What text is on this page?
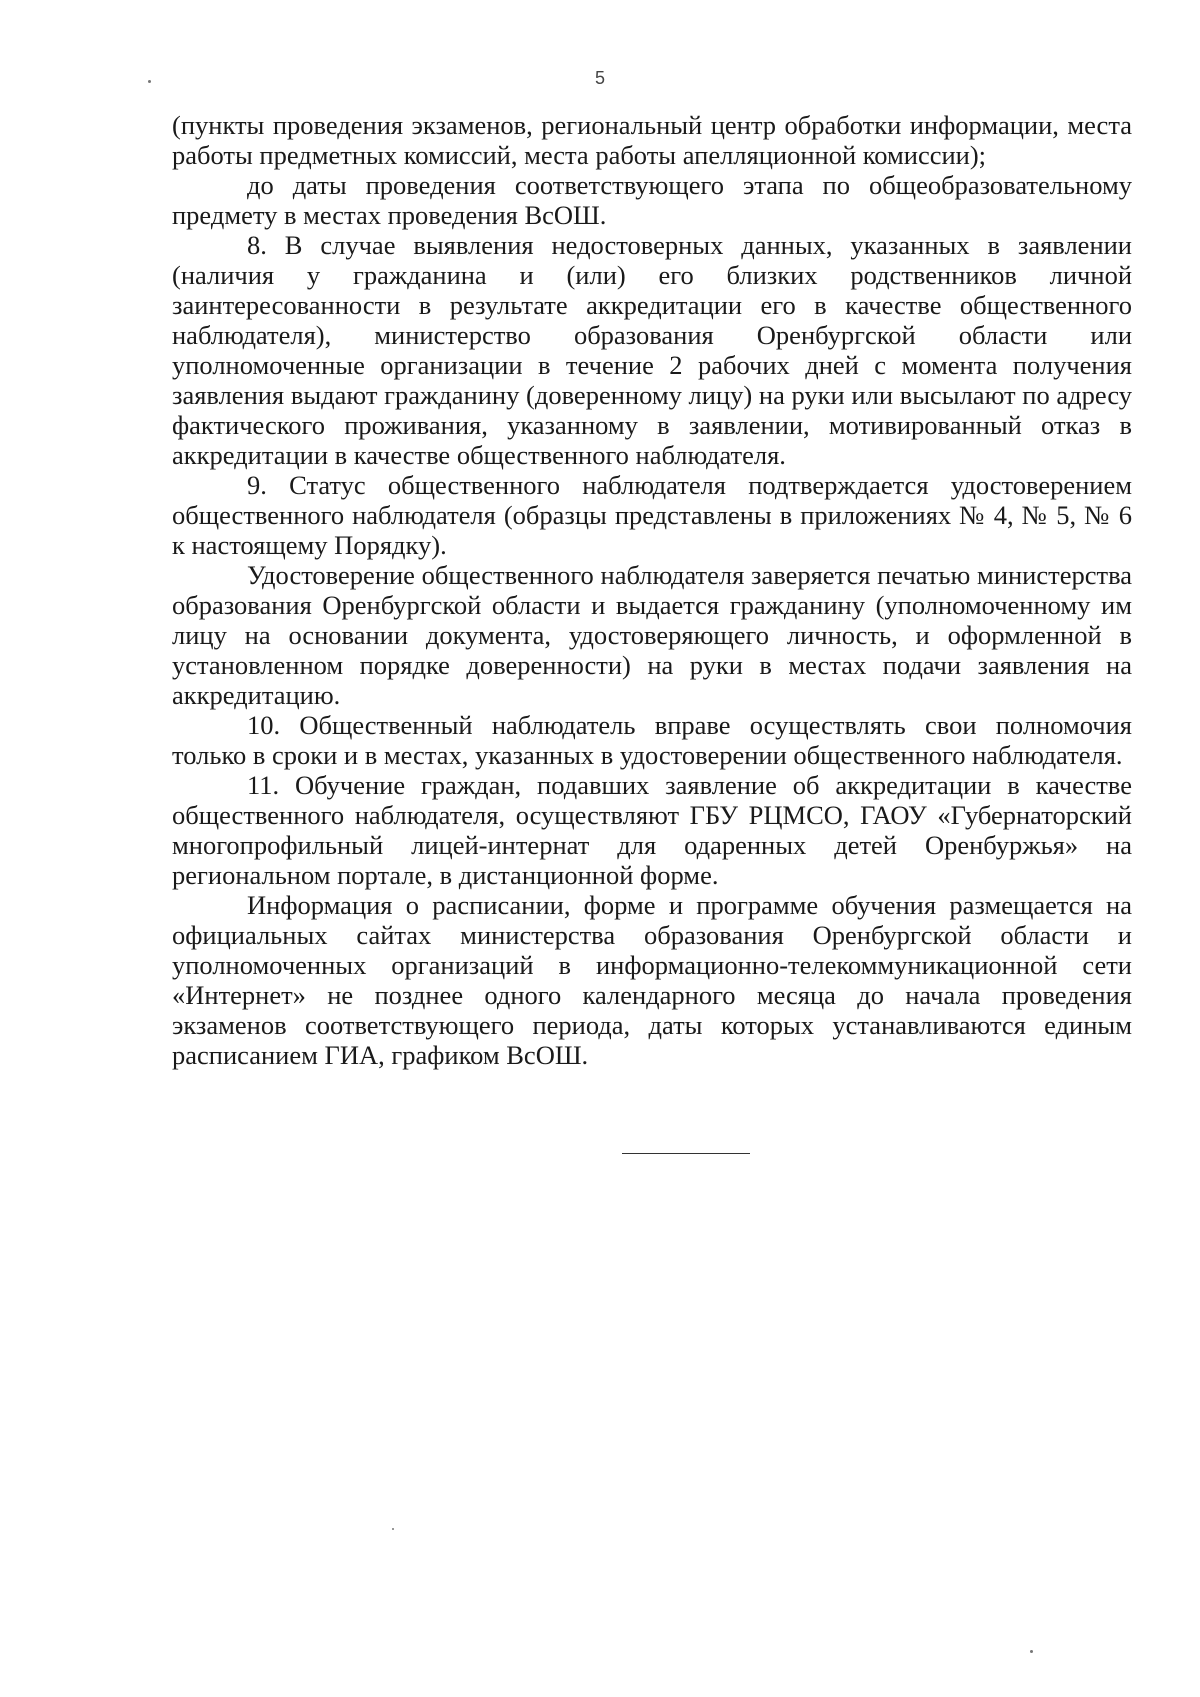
5

(пункты проведения экзаменов, региональный центр обработки информации, места работы предметных комиссий, места работы апелляционной комиссии);

до даты проведения соответствующего этапа по общеобразовательному предмету в местах проведения ВсОШ.

8. В случае выявления недостоверных данных, указанных в заявлении (наличия у гражданина и (или) его близких родственников личной заинтересованности в результате аккредитации его в качестве общественного наблюдателя), министерство образования Оренбургской области или уполномоченные организации в течение 2 рабочих дней с момента получения заявления выдают гражданину (доверенному лицу) на руки или высылают по адресу фактического проживания, указанному в заявлении, мотивированный отказ в аккредитации в качестве общественного наблюдателя.

9. Статус общественного наблюдателя подтверждается удостоверением общественного наблюдателя (образцы представлены в приложениях № 4, № 5, № 6 к настоящему Порядку).

Удостоверение общественного наблюдателя заверяется печатью министерства образования Оренбургской области и выдается гражданину (уполномоченному им лицу на основании документа, удостоверяющего личность, и оформленной в установленном порядке доверенности) на руки в местах подачи заявления на аккредитацию.

10. Общественный наблюдатель вправе осуществлять свои полномочия только в сроки и в местах, указанных в удостоверении общественного наблюдателя.

11. Обучение граждан, подавших заявление об аккредитации в качестве общественного наблюдателя, осуществляют ГБУ РЦМСО, ГАОУ «Губернаторский многопрофильный лицей-интернат для одаренных детей Оренбуржья» на региональном портале, в дистанционной форме.

Информация о расписании, форме и программе обучения размещается на официальных сайтах министерства образования Оренбургской области и уполномоченных организаций в информационно-телекоммуникационной сети «Интернет» не позднее одного календарного месяца до начала проведения экзаменов соответствующего периода, даты которых устанавливаются единым расписанием ГИА, графиком ВсОШ.
